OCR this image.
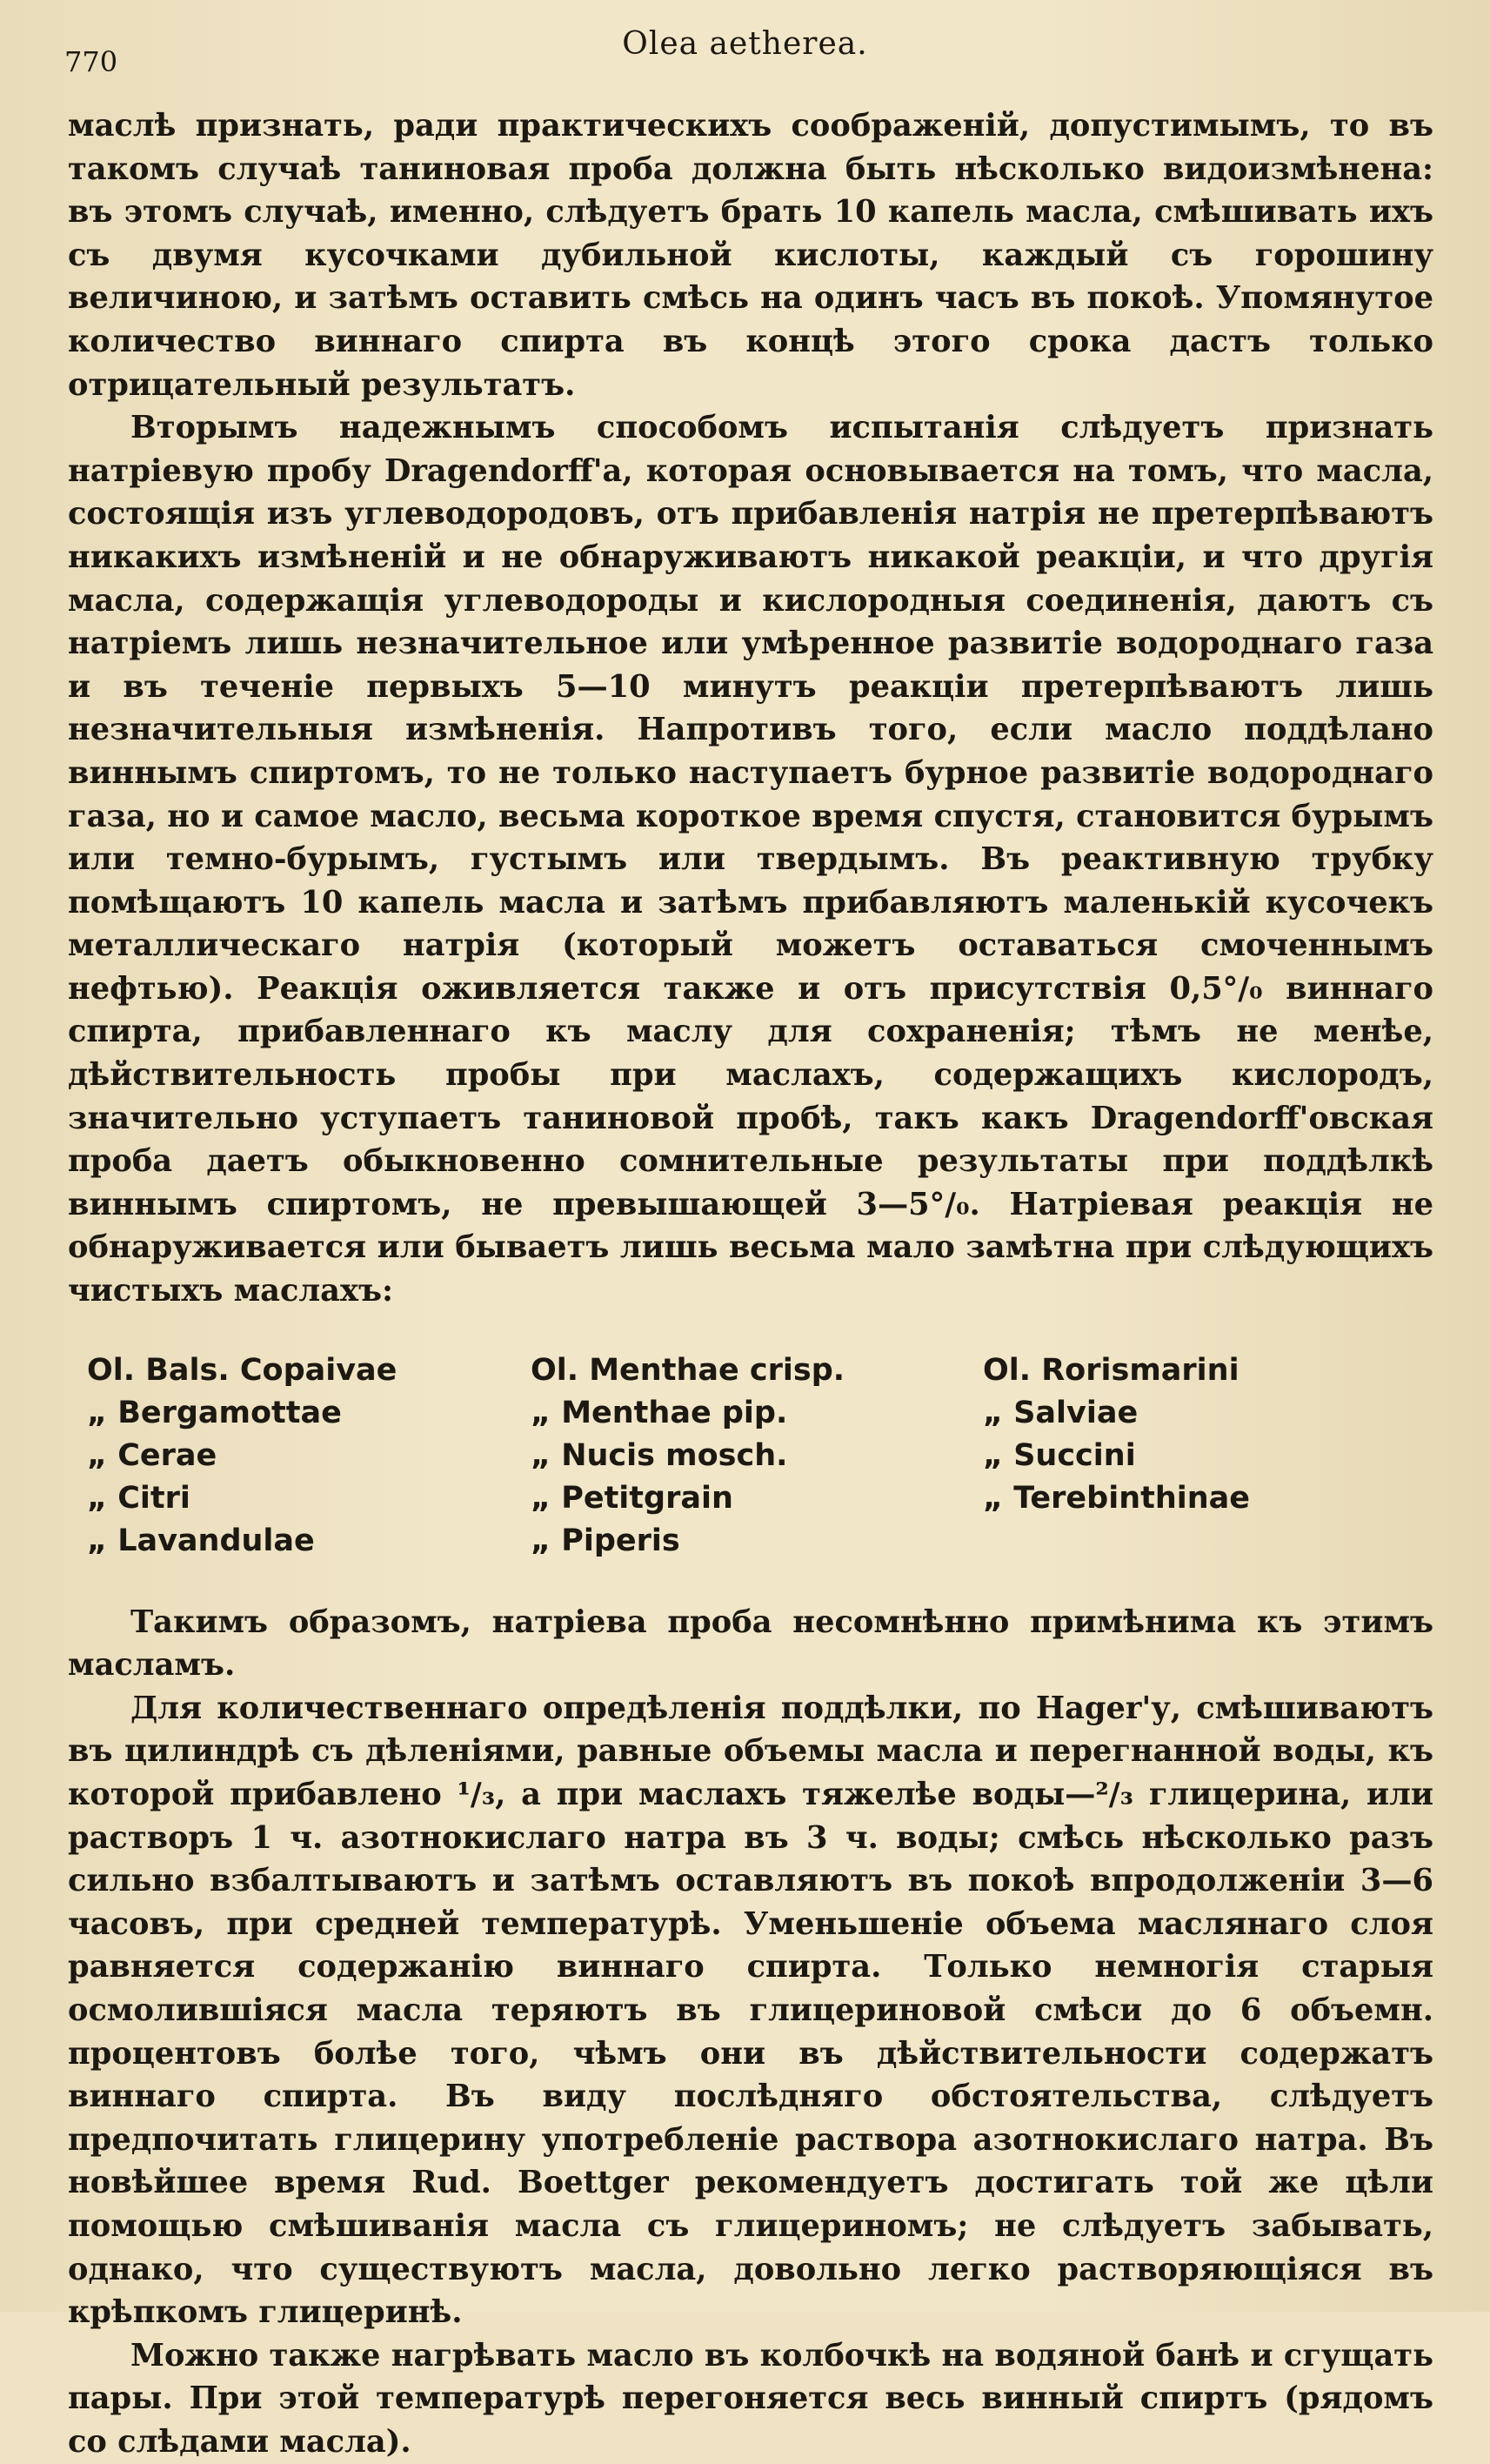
770	Olea aetherea.

маслѣ признать, ради практическихъ соображеній, допустимымъ, то въ такомъ случаѣ таниновая проба должна быть нѣсколько видоизмѣнена: въ этомъ случаѣ, именно, слѣдуетъ брать 10 капель масла, смѣшивать ихъ съ двумя кусочками дубильной кислоты, каждый съ горошину величиною, и затѣмъ оставить смѣсь на одинъ часъ въ покоѣ. Упомянутое количество виннаго спирта въ концѣ этого срока дастъ только отрицательный результатъ.

Вторымъ надежнымъ способомъ испытанія слѣдуетъ признать натріевую пробу Dragendorff'а, которая основывается на томъ, что масла, состоящія изъ углеводородовъ, отъ прибавленія натрія не претерпѣваютъ никакихъ измѣненій и не обнаруживаютъ никакой реакціи, и что другія масла, содержащія углеводороды и кислородныя соединенія, даютъ съ натріемъ лишь незначительное или умѣренное развитіе водороднаго газа и въ теченіе первыхъ 5—10 минутъ реакціи претерпѣваютъ лишь незначительныя измѣненія. Напротивъ того, если масло поддѣлано виннымъ спиртомъ, то не только наступаетъ бурное развитіе водороднаго газа, но и самое масло, весьма короткое время спустя, становится бурымъ или темно-бурымъ, густымъ или твердымъ. Въ реактивную трубку помѣщаютъ 10 капель масла и затѣмъ прибавляютъ маленькій кусочекъ металлическаго натрія (который можетъ оставаться смоченнымъ нефтью). Реакція оживляется также и отъ присутствія 0,5°/₀ виннаго спирта, прибавленнаго къ маслу для сохраненія; тѣмъ не менѣе, дѣйствительность пробы при маслахъ, содержащихъ кислородъ, значительно уступаетъ таниновой пробѣ, такъ какъ Dragendorff'овская проба даетъ обыкновенно сомнительные результаты при поддѣлкѣ виннымъ спиртомъ, не превышающей 3—5°/₀. Натріевая реакція не обнаруживается или бываетъ лишь весьма мало замѣтна при слѣдующихъ чистыхъ маслахъ:

Ol. Bals. Copaivae
„ Bergamottae
„ Cerae
„ Citri
„ Lavandulae
Ol. Menthae crisp.
„ Menthae pip.
„ Nucis mosch.
„ Petitgrain
„ Piperis
Ol. Rorismarini
„ Salviae
„ Succini
„ Terebinthinae

Такимъ образомъ, натріева проба несомнѣнно примѣнима къ этимъ масламъ.

Для количественнаго опредѣленія поддѣлки, по Hager'у, смѣшиваютъ въ цилиндрѣ съ дѣленіями, равные объемы масла и перегнанной воды, къ которой прибавлено ¹/₃, а при маслахъ тяжелѣе воды—²/₃ глицерина, или растворъ 1 ч. азотнокислаго натра въ 3 ч. воды; смѣсь нѣсколько разъ сильно взбалтываютъ и затѣмъ оставляютъ въ покоѣ впродолженіи 3—6 часовъ, при средней температурѣ. Уменьшеніе объема маслянаго слоя равняется содержанію виннаго спирта. Только немногія старыя осмолившіяся масла теряютъ въ глицериновой смѣси до 6 объемн. процентовъ болѣе того, чѣмъ они въ дѣйствительности содержатъ виннаго спирта. Въ виду послѣдняго обстоятельства, слѣдуетъ предпочитать глицерину употребленіе раствора азотнокислаго натра. Въ новѣйшее время Rud. Boettger рекомендуетъ достигать той же цѣли помощью смѣшиванія масла съ глицериномъ; не слѣдуетъ забывать, однако, что существуютъ масла, довольно легко растворяющіяся въ крѣпкомъ глицеринѣ.

Можно также нагрѣвать масло въ колбочкѣ на водяной банѣ и сгущать пары. При этой температурѣ перегоняется весь винный спиртъ (рядомъ со слѣдами масла).
